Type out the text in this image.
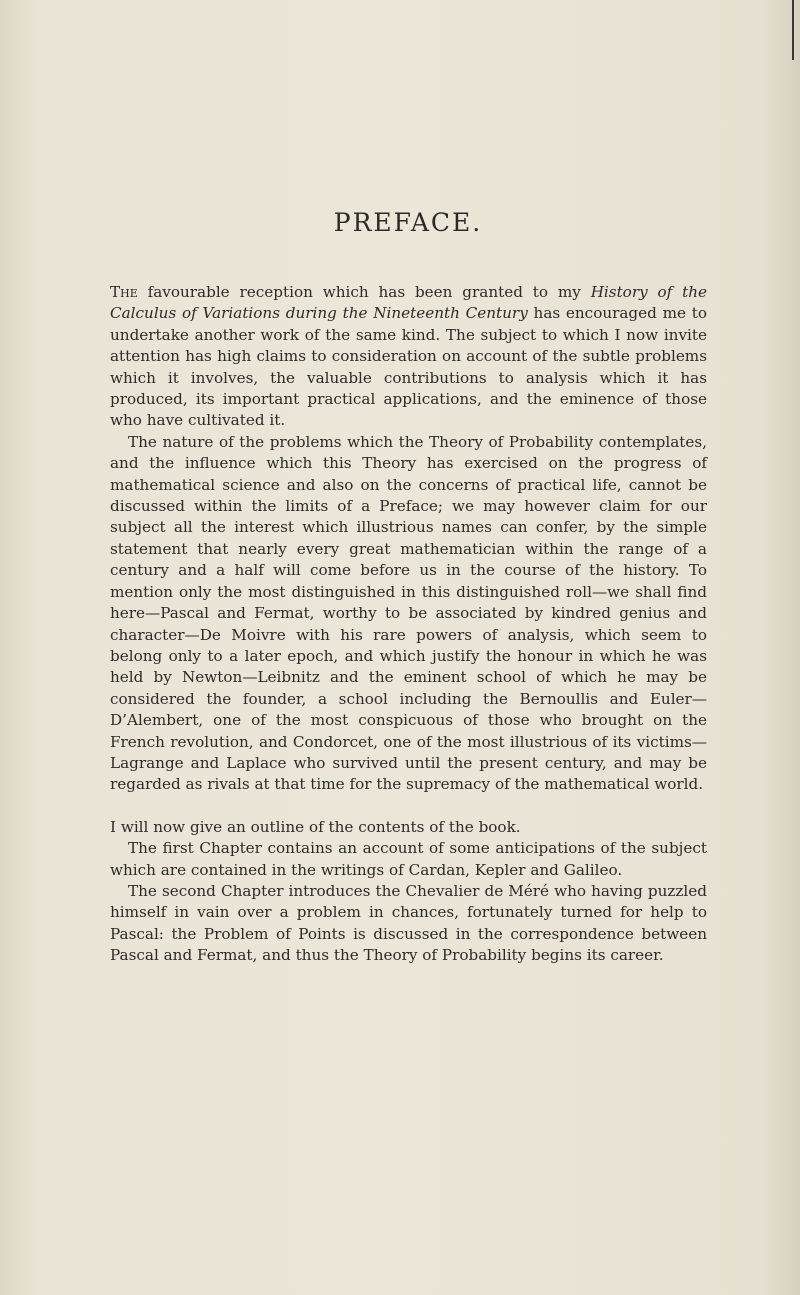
PREFACE.

The favourable reception which has been granted to my History of the Calculus of Variations during the Nineteenth Century has encouraged me to undertake another work of the same kind. The subject to which I now invite attention has high claims to consideration on account of the subtle problems which it involves, the valuable contributions to analysis which it has produced, its important practical applications, and the eminence of those who have cultivated it.

The nature of the problems which the Theory of Probability contemplates, and the influence which this Theory has exercised on the progress of mathematical science and also on the concerns of practical life, cannot be discussed within the limits of a Preface; we may however claim for our subject all the interest which illustrious names can confer, by the simple statement that nearly every great mathematician within the range of a century and a half will come before us in the course of the history. To mention only the most distinguished in this distinguished roll—we shall find here—Pascal and Fermat, worthy to be associated by kindred genius and character—De Moivre with his rare powers of analysis, which seem to belong only to a later epoch, and which justify the honour in which he was held by Newton—Leibnitz and the eminent school of which he may be considered the founder, a school including the Bernoullis and Euler—D’Alembert, one of the most conspicuous of those who brought on the French revolution, and Condorcet, one of the most illustrious of its victims—Lagrange and Laplace who survived until the present century, and may be regarded as rivals at that time for the supremacy of the mathematical world.

I will now give an outline of the contents of the book.

The first Chapter contains an account of some anticipations of the subject which are contained in the writings of Cardan, Kepler and Galileo.

The second Chapter introduces the Chevalier de Méré who having puzzled himself in vain over a problem in chances, fortunately turned for help to Pascal: the Problem of Points is discussed in the correspondence between Pascal and Fermat, and thus the Theory of Probability begins its career.
